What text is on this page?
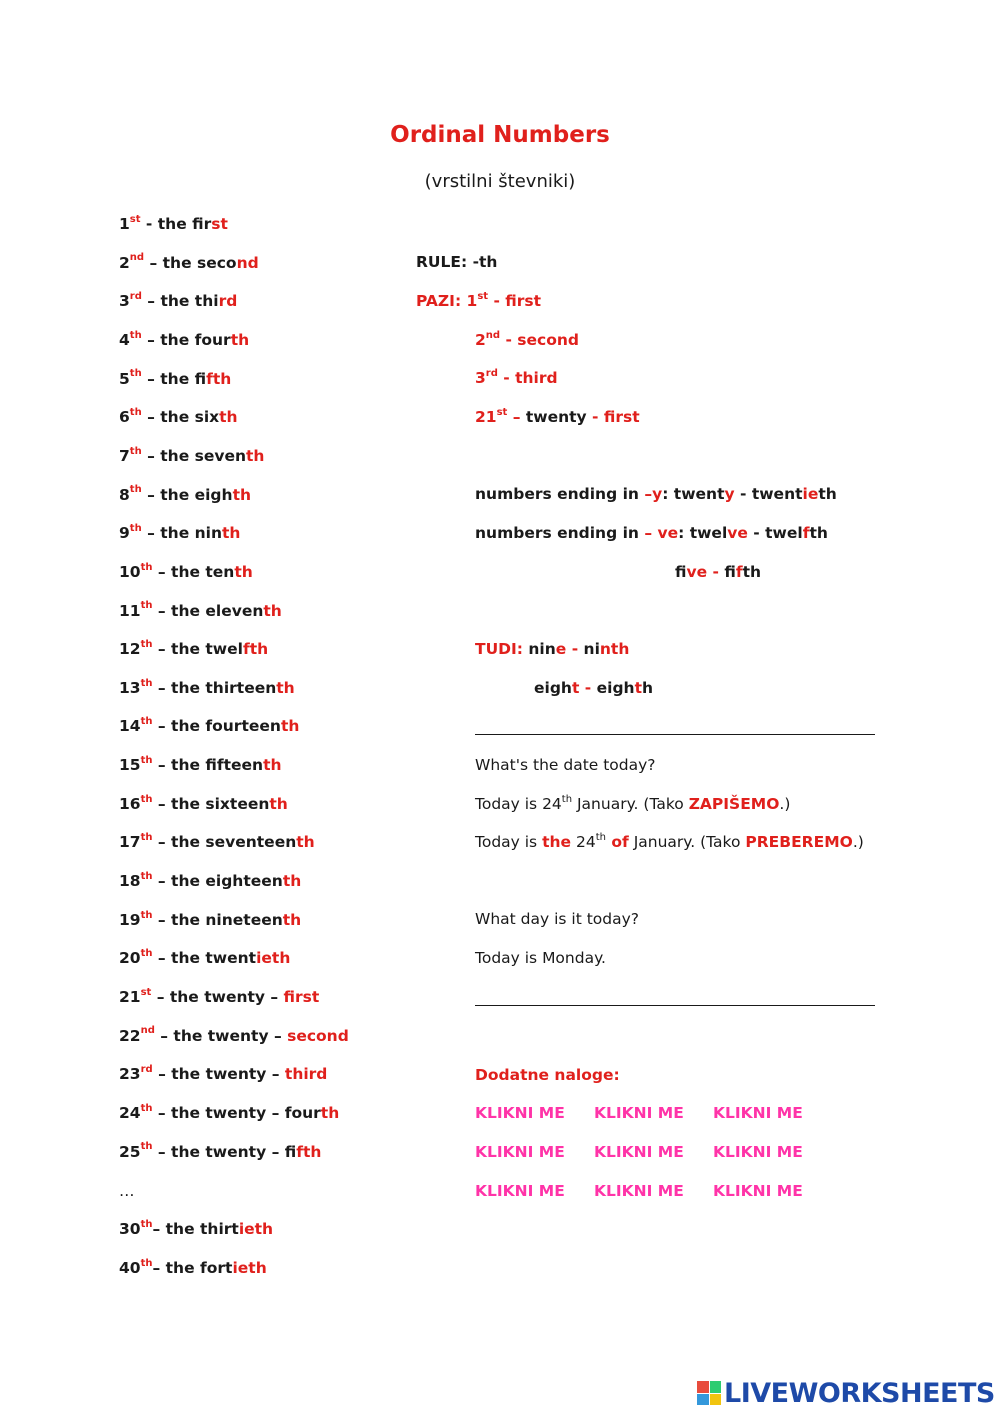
Ordinal Numbers
(vrstilni števniki)
1st - the first
2nd – the second
3rd – the third
4th – the fourth
5th – the fifth
6th – the sixth
7th – the seventh
8th – the eighth
9th – the ninth
10th – the tenth
11th – the eleventh
12th – the twelfth
13th – the thirteenth
14th – the fourteenth
15th – the fifteenth
16th – the sixteenth
17th – the seventeenth
18th – the eighteenth
19th – the nineteenth
20th – the twentieth
21st – the twenty – first
22nd – the twenty – second
23rd – the twenty – third
24th – the twenty – fourth
25th – the twenty – fifth
…
30th– the thirtieth
40th– the fortieth
RULE: -th
PAZI: 1st - first
2nd - second
3rd - third
21st – twenty - first
numbers ending in –y: twenty - twentieth
numbers ending in – ve: twelve - twelfth
five - fifth
TUDI: nine - ninth
eight - eighth
What's the date today?
Today is 24th January. (Tako ZAPIŠEMO.)
Today is the 24th of January. (Tako PREBEREMO.)
What day is it today?
Today is Monday.
Dodatne naloge:
KLIKNI ME KLIKNI ME KLIKNI ME
KLIKNI ME KLIKNI ME KLIKNI ME
KLIKNI ME KLIKNI ME KLIKNI ME
LIVEWORKSHEETS
